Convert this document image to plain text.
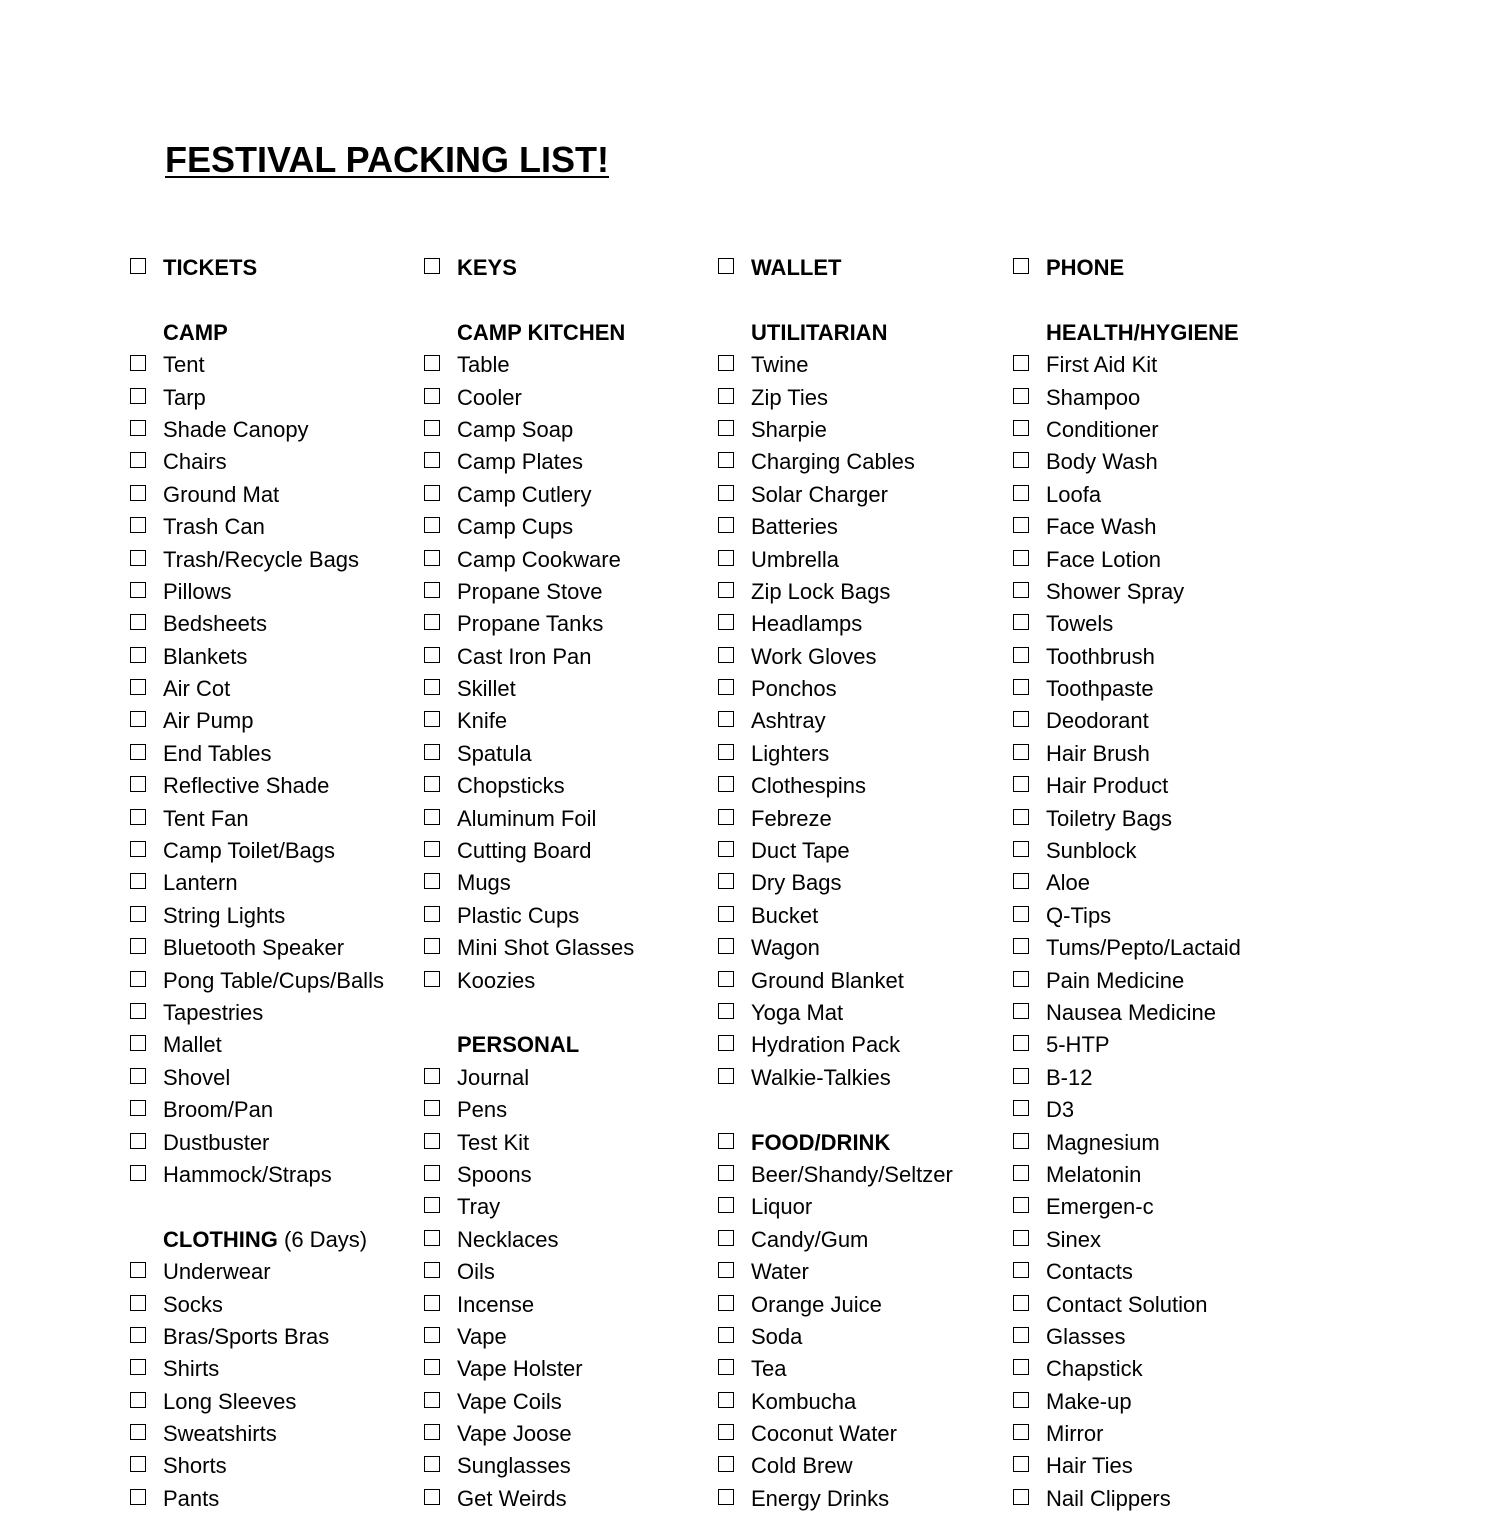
FESTIVAL PACKING LIST!
TICKETS
CAMP
Tent
Tarp
Shade Canopy
Chairs
Ground Mat
Trash Can
Trash/Recycle Bags
Pillows
Bedsheets
Blankets
Air Cot
Air Pump
End Tables
Reflective Shade
Tent Fan
Camp Toilet/Bags
Lantern
String Lights
Bluetooth Speaker
Pong Table/Cups/Balls
Tapestries
Mallet
Shovel
Broom/Pan
Dustbuster
Hammock/Straps
CLOTHING (6 Days)
Underwear
Socks
Bras/Sports Bras
Shirts
Long Sleeves
Sweatshirts
Shorts
Pants
KEYS
CAMP KITCHEN
Table
Cooler
Camp Soap
Camp Plates
Camp Cutlery
Camp Cups
Camp Cookware
Propane Stove
Propane Tanks
Cast Iron Pan
Skillet
Knife
Spatula
Chopsticks
Aluminum Foil
Cutting Board
Mugs
Plastic Cups
Mini Shot Glasses
Koozies
PERSONAL
Journal
Pens
Test Kit
Spoons
Tray
Necklaces
Oils
Incense
Vape
Vape Holster
Vape Coils
Vape Joose
Sunglasses
Get Weirds
WALLET
UTILITARIAN
Twine
Zip Ties
Sharpie
Charging Cables
Solar Charger
Batteries
Umbrella
Zip Lock Bags
Headlamps
Work Gloves
Ponchos
Ashtray
Lighters
Clothespins
Febreze
Duct Tape
Dry Bags
Bucket
Wagon
Ground Blanket
Yoga Mat
Hydration Pack
Walkie-Talkies
FOOD/DRINK
Beer/Shandy/Seltzer
Liquor
Candy/Gum
Water
Orange Juice
Soda
Tea
Kombucha
Coconut Water
Cold Brew
Energy Drinks
PHONE
HEALTH/HYGIENE
First Aid Kit
Shampoo
Conditioner
Body Wash
Loofa
Face Wash
Face Lotion
Shower Spray
Towels
Toothbrush
Toothpaste
Deodorant
Hair Brush
Hair Product
Toiletry Bags
Sunblock
Aloe
Q-Tips
Tums/Pepto/Lactaid
Pain Medicine
Nausea Medicine
5-HTP
B-12
D3
Magnesium
Melatonin
Emergen-c
Sinex
Contacts
Contact Solution
Glasses
Chapstick
Make-up
Mirror
Hair Ties
Nail Clippers
